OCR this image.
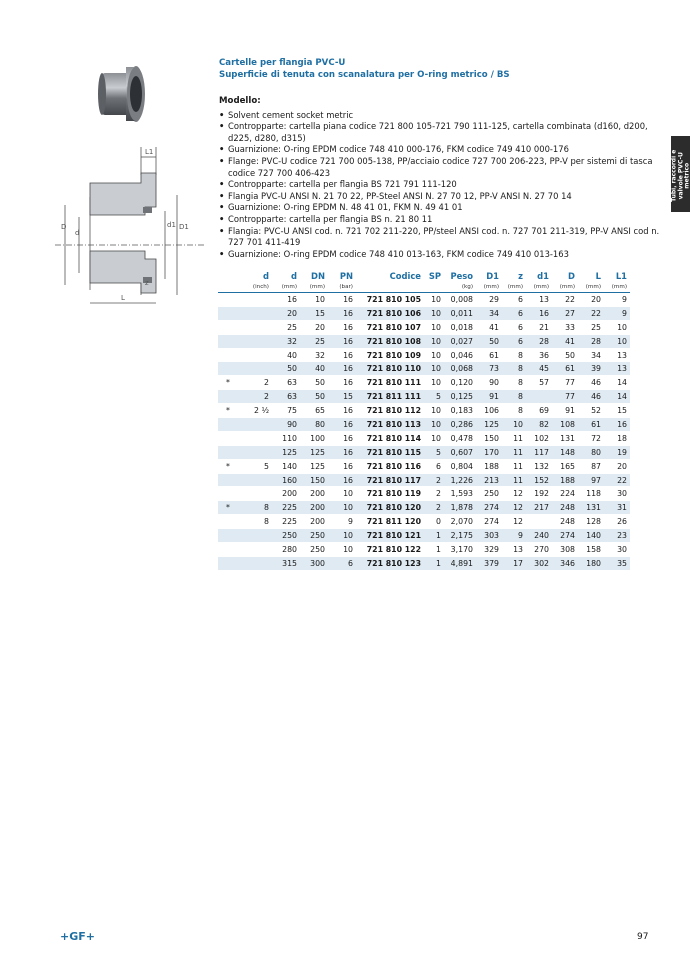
Cartelle per flangia PVC-U
Superficie di tenuta con scanalatura per O-ring metrico / BS
D
d
d1 D1
L1
z
L
Modello:
• Solvent cement socket metric
• Contropparte: cartella piana codice 721 800 105-721 790 111-125, cartella combinata (d160, d200, d225, d280, d315)
• Guarnizione: O-ring EPDM codice 748 410 000-176, FKM codice 749 410 000-176
• Flange: PVC-U codice 721 700 005-138, PP/acciaio codice 727 700 206-223, PP-V per sistemi di tasca codice 727 700 406-423
• Contropparte: cartella per flangia BS 721 791 111-120
• Flangia PVC-U ANSI N. 21 70 22, PP-Steel ANSI N. 27 70 12, PP-V ANSI N. 27 70 14
• Guarnizione: O-ring EPDM N. 48 41 01, FKM N. 49 41 01
• Contropparte: cartella per flangia BS n. 21 80 11
• Flangia: PVC-U ANSI cod. n. 721 702 211-220, PP/steel ANSI cod. n. 727 701 211-319, PP-V ANSI cod n. 727 701 411-419
• Guarnizione: O-ring EPDM codice 748 410 013-163, FKM codice 749 410 013-163
Tubi, raccordi e valvole PVC-U metrico
	d	d	DN	PN	Codice	SP	Peso	D1	z	d1	D	L	L1
	(inch)	(mm)	(mm)	(bar)			(kg)	(mm)	(mm)	(mm)	(mm)	(mm)	(mm)
		16	10	16	721 810 105	10	0,008	29	6	13	22	20	9
		20	15	16	721 810 106	10	0,011	34	6	16	27	22	9
		25	20	16	721 810 107	10	0,018	41	6	21	33	25	10
		32	25	16	721 810 108	10	0,027	50	6	28	41	28	10
		40	32	16	721 810 109	10	0,046	61	8	36	50	34	13
		50	40	16	721 810 110	10	0,068	73	8	45	61	39	13
*	2	63	50	16	721 810 111	10	0,120	90	8	57	77	46	14
	2	63	50	15	721 811 111	5	0,125	91	8		77	46	14
*	2 ½	75	65	16	721 810 112	10	0,183	106	8	69	91	52	15
		90	80	16	721 810 113	10	0,286	125	10	82	108	61	16
		110	100	16	721 810 114	10	0,478	150	11	102	131	72	18
		125	125	16	721 810 115	5	0,607	170	11	117	148	80	19
*	5	140	125	16	721 810 116	6	0,804	188	11	132	165	87	20
		160	150	16	721 810 117	2	1,226	213	11	152	188	97	22
		200	200	10	721 810 119	2	1,593	250	12	192	224	118	30
*	8	225	200	10	721 810 120	2	1,878	274	12	217	248	131	31
	8	225	200	9	721 811 120	0	2,070	274	12		248	128	26
		250	250	10	721 810 121	1	2,175	303	9	240	274	140	23
		280	250	10	721 810 122	1	3,170	329	13	270	308	158	30
		315	300	6	721 810 123	1	4,891	379	17	302	346	180	35
+GF+	97
